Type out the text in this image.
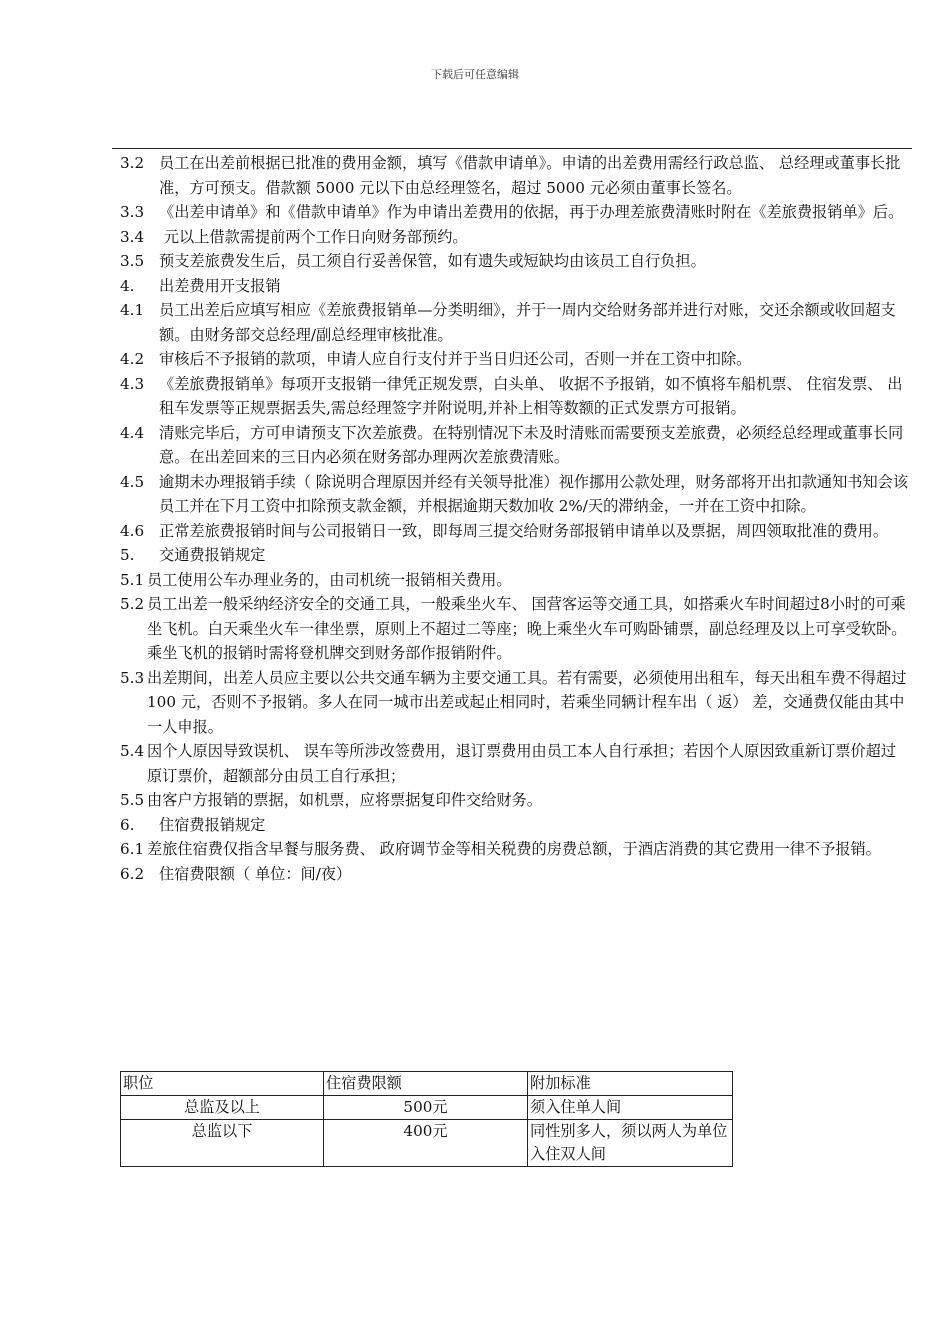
下载后可任意编辑

3.2 员工在出差前根据已批准的费用金额，填写《借款申请单》。申请的出差费用需经行政总监、 总经理或董事长批准，方可预支。借款额 5000 元以下由总经理签名，超过 5000 元必须由董事长签名。

3.3 《出差申请单》和《借款申请单》作为申请出差费用的依据，再于办理差旅费清账时附在《差旅费报销单》后。

3.4 元以上借款需提前两个工作日向财务部预约。

3.5 预支差旅费发生后，员工须自行妥善保管，如有遗失或短缺均由该员工自行负担。

4. 出差费用开支报销

4.1 员工出差后应填写相应《差旅费报销单—分类明细》，并于一周内交给财务部并进行对账，交还余额或收回超支额。由财务部交总经理/副总经理审核批准。

4.2 审核后不予报销的款项，申请人应自行支付并于当日归还公司，否则一并在工资中扣除。

4.3 《差旅费报销单》每项开支报销一律凭正规发票，白头单、 收据不予报销，如不慎将车船机票、 住宿发票、 出租车发票等正规票据丢失,需总经理签字并附说明,并补上相等数额的正式发票方可报销。

4.4 清账完毕后，方可申请预支下次差旅费。在特别情况下未及时清账而需要预支差旅费，必须经总经理或董事长同意。在出差回来的三日内必须在财务部办理两次差旅费清账。

4.5 逾期未办理报销手续（ 除说明合理原因并经有关领导批准）视作挪用公款处理，财务部将开出扣款通知书知会该员工并在下月工资中扣除预支款金额，并根据逾期天数加收 2%/天的滞纳金，一并在工资中扣除。

4.6 正常差旅费报销时间与公司报销日一致，即每周三提交给财务部报销申请单以及票据，周四领取批准的费用。

5. 交通费报销规定

5.1 员工使用公车办理业务的，由司机统一报销相关费用。

5.2 员工出差一般采纳经济安全的交通工具，一般乘坐火车、 国营客运等交通工具，如搭乘火车时间超过8小时的可乘坐飞机。白天乘坐火车一律坐票，原则上不超过二等座；晚上乘坐火车可购卧铺票，副总经理及以上可享受软卧。乘坐飞机的报销时需将登机牌交到财务部作报销附件。

5.3 出差期间，出差人员应主要以公共交通车辆为主要交通工具。若有需要，必须使用出租车，每天出租车费不得超过 100 元，否则不予报销。多人在同一城市出差或起止相同时，若乘坐同辆计程车出（ 返） 差，交通费仅能由其中一人申报。

5.4 因个人原因导致误机、 误车等所涉改签费用，退订票费用由员工本人自行承担；若因个人原因致重新订票价超过原订票价，超额部分由员工自行承担；

5.5 由客户方报销的票据，如机票，应将票据复印件交给财务。

6. 住宿费报销规定

6.1 差旅住宿费仅指含早餐与服务费、 政府调节金等相关税费的房费总额，于酒店消费的其它费用一律不予报销。

6.2 住宿费限额（ 单位：间/夜）

职位	住宿费限额	附加标准
总监及以上	500元	须入住单人间
总监以下	400元	同性别多人，须以两人为单位入住双人间
